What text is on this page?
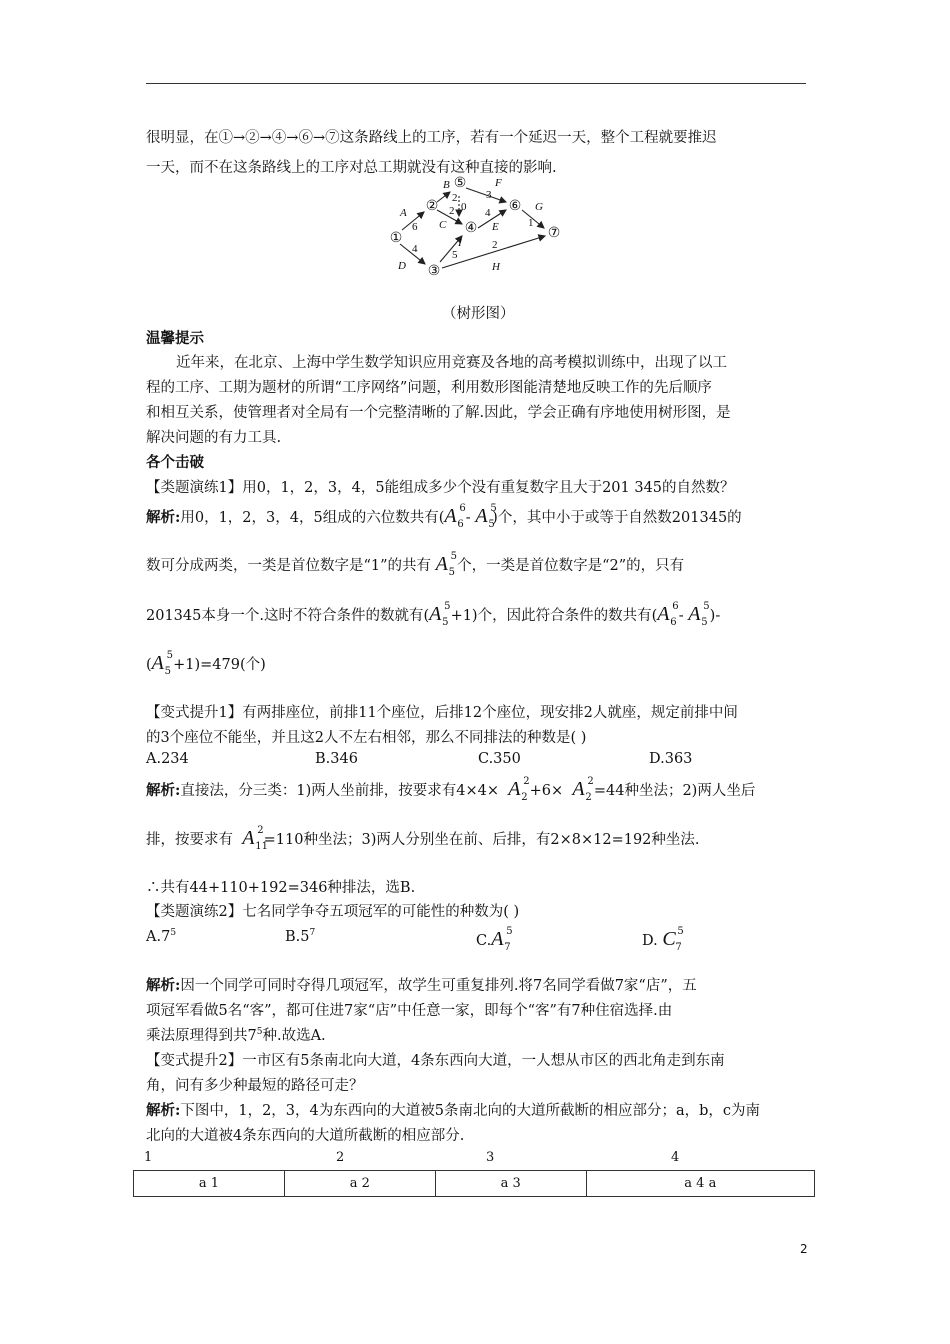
很明显，在①→②→④→⑥→⑦这条路线上的工序，若有一个延迟一天，整个工程就要推迟
一天，而不在这条路线上的工序对总工期就没有这种直接的影响.
①
②
③
④
⑤
⑥
⑦
A
6
B
2
2
C
F
3
0 4
E
G
1
4
D
5
I	2
H
（树形图）
温馨提示
近年来，在北京、上海中学生数学知识应用竞赛及各地的高考模拟训练中，出现了以工
程的工序、工期为题材的所谓“工序网络”问题，利用数形图能清楚地反映工作的先后顺序
和相互关系，使管理者对全局有一个完整清晰的了解.因此，学会正确有序地使用树形图，是
解决问题的有力工具.
各个击破
【类题演练1】用0，1，2，3，4，5能组成多少个没有重复数字且大于201 345的自然数？
解析:用0，1，2，3，4，5组成的六位数共有(A 6
6
- A 5
5
)个，其中小于或等于自然数201345的
数可分成两类，一类是首位数字是“1”的共有 A 5
5 个，一类是首位数字是“2”的，只有
201345本身一个.这时不符合条件的数就有(A 5
5 +1)个，因此符合条件的数共有(A 6
6
- A 5
5 )-
(A 5
5 +1)=479(个)
【变式提升1】有两排座位，前排11个座位，后排12个座位，现安排2人就座，规定前排中间
的3个座位不能坐，并且这2人不左右相邻，那么不同排法的种数是( )
A.234	B.346	C.350	D.363
解析:直接法，分三类：1)两人坐前排，按要求有4×4× A 2
2 +6× A 2
2 =44种坐法；2)两人坐后
排，按要求有 A 2
11
=110种坐法；3)两人分别坐在前、后排，有2×8×12=192种坐法.
∴共有44+110+192=346种排法，选B.
【类题演练2】七名同学争夺五项冠军的可能性的种数为( )
$A.7^5$	$B.5^7$	C.A 5
7	D. C 5
7
解析:因一个同学可同时夺得几项冠军，故学生可重复排列.将7名同学看做7家“店”，五
项冠军看做5名“客”，都可住进7家“店”中任意一家，即每个“客”有7种住宿选择.由
乘法原理得到共$7^5$种.故选A.
【变式提升2】一市区有5条南北向大道，4条东西向大道，一人想从市区的西北角走到东南
角，问有多少种最短的路径可走？
解析:下图中，1，2，3，4为东西向的大道被5条南北向的大道所截断的相应部分；a，b，c为南
北向的大道被4条东西向的大道所截断的相应部分.
1	2	3	4
a 1	a 2	a 3	a 4 a
2
